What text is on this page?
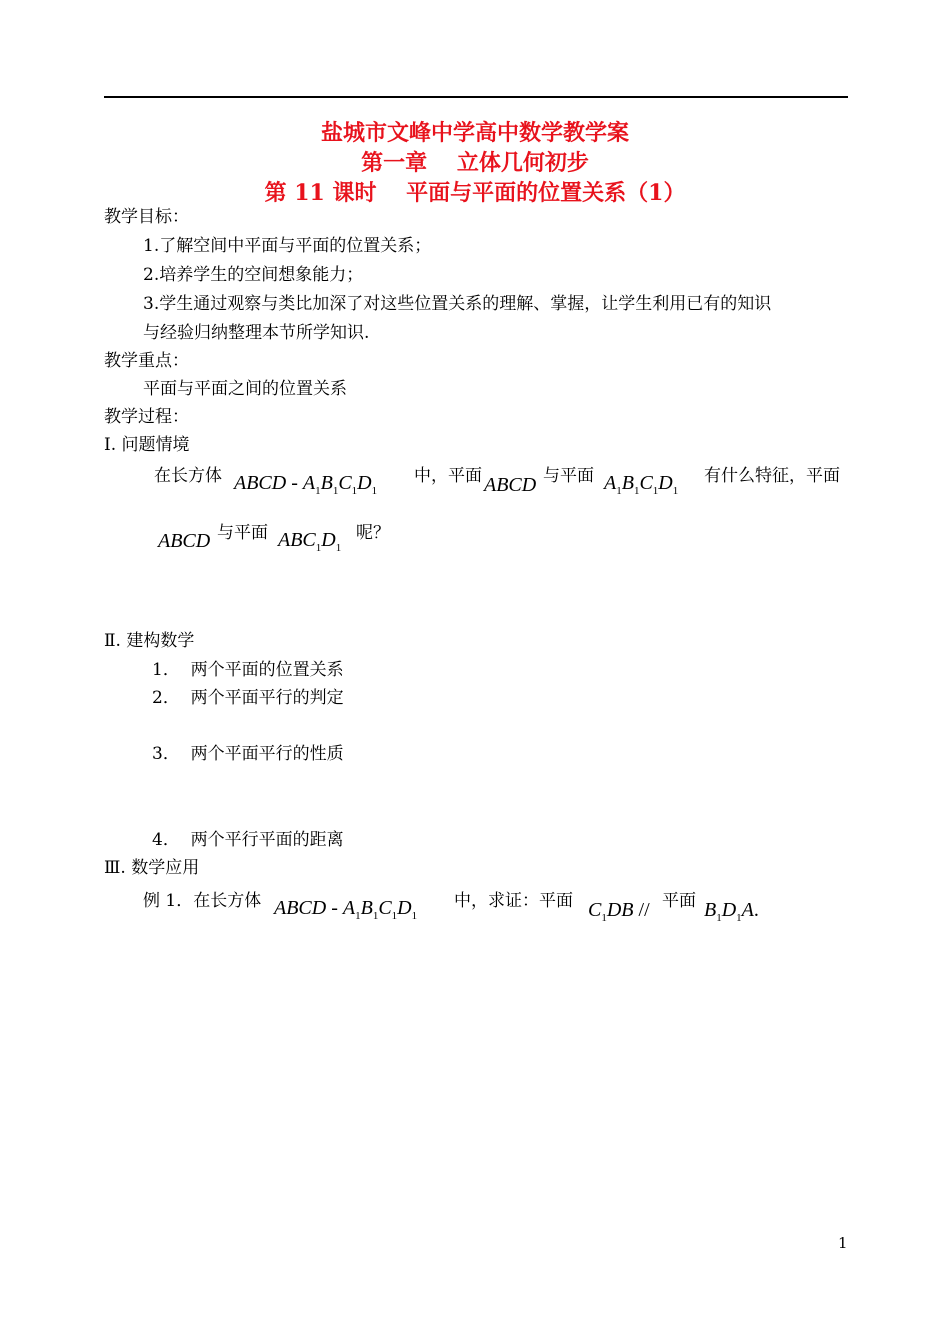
盐城市文峰中学高中数学教学案
第一章　 立体几何初步
第 11 课时　 平面与平面的位置关系（1）
教学目标：
1.了解空间中平面与平面的位置关系；
2.培养学生的空间想象能力；
3.学生通过观察与类比加深了对这些位置关系的理解、掌握，让学生利用已有的知识
与经验归纳整理本节所学知识.
教学重点：
平面与平面之间的位置关系
教学过程：
Ⅰ. 问题情境
在长方体 ABCD - $A_1B_1C_1D_1$
中，平面 ABCD 与平面 $A_1B_1C_1D_1$
有什么特征，平面
ABCD 与平面 $ABC_1D_1$
呢？
Ⅱ. 建构数学
1．  两个平面的位置关系
2．  两个平面平行的判定
3．  两个平面平行的性质
4．  两个平行平面的距离
Ⅲ. 数学应用
例 1．在长方体 ABCD - $A_1B_1C_1D_1$
中，求证：平面 $C_1DB$ // 平面 $B_1D_1A$.
1
